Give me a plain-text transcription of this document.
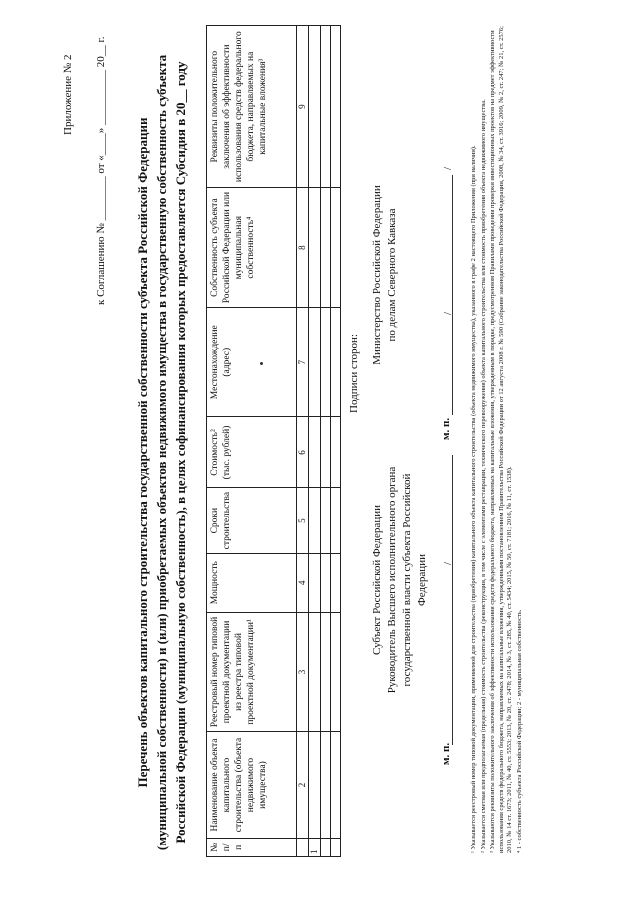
Приложение № 2 к Соглашению № ________ от «____» __________ 20__ г. Перечень объектов капитального строительства государственной собственности субъекта Российской Федерации (муниципальной собственности) и (или) приобретаемых объектов недвижимого имущества в государственную собственность субъекта Российской Федерации (муниципальную собственность), в целях софинансирования которых предоставляется Субсидия в 20__ году
№ п/п	Наименование объекта капитального строительства (объекта недвижимого имущества)	Реестровый номер типовой проектной документации из реестра типовой проектной документации¹	Мощность	Сроки строительства	Стоимость² (тыс. рублей)	Местонахождение (адрес)	Собственность субъекта Российской Федерации или муниципальная собственность⁴	Реквизиты положительного заключения об эффективности использования средств федерального бюджета, направляемых на капитальные вложения³
	2	3	4	5	6	7	8	9
1								

Подписи сторон:
Субъект Российской Федерации Руководитель Высшего исполнительного органа государственной власти субъекта Российской Федерации
Министерство Российской Федерации по делам Северного Кавказа
м. п.
/
м. п.
/
/ ¹ Указывается реестровый номер типовой документации, применяемой для строительства (приобретения) капитального объекта капитального строительства (объекта недвижимого имущества), указанного в графе 2 настоящего Приложения (при наличии). ² Указывается сметная или предполагаемая (предельная) стоимость строительства (реконструкции, в том числе с элементами реставрации, технического перевооружения) объекта капитального строительства или стоимость приобретения объекта недвижимого имущества. ³ Указываются реквизиты положительного заключения об эффективности использования средств федерального бюджета, направляемых на капитальные вложения, утвержденным в порядке, предусмотренном Правилами проведения проверки инвестиционных проектов на предмет эффективности использования средств федерального бюджета, направляемых на капитальные вложения, утвержденными постановлением Правительства Российской Федерации от 12 августа 2008 г. № 590 (Собрание законодательства Российской Федерации, 2008, № 34, ст. 3916; 2009, № 2, ст. 247; № 21, ст. 2576; 2010, № 14 ст. 1673; 2011, № 40, ст. 5553; 2013, № 20, ст. 2478; 2014, № 3, ст. 285, № 40, ст. 5434; 2015, № 50, ст. 7181; 2016, № 11, ст. 1538). ⁴ 1 - собственность субъекта Российской Федерации; 2 - муниципальная собственность.
